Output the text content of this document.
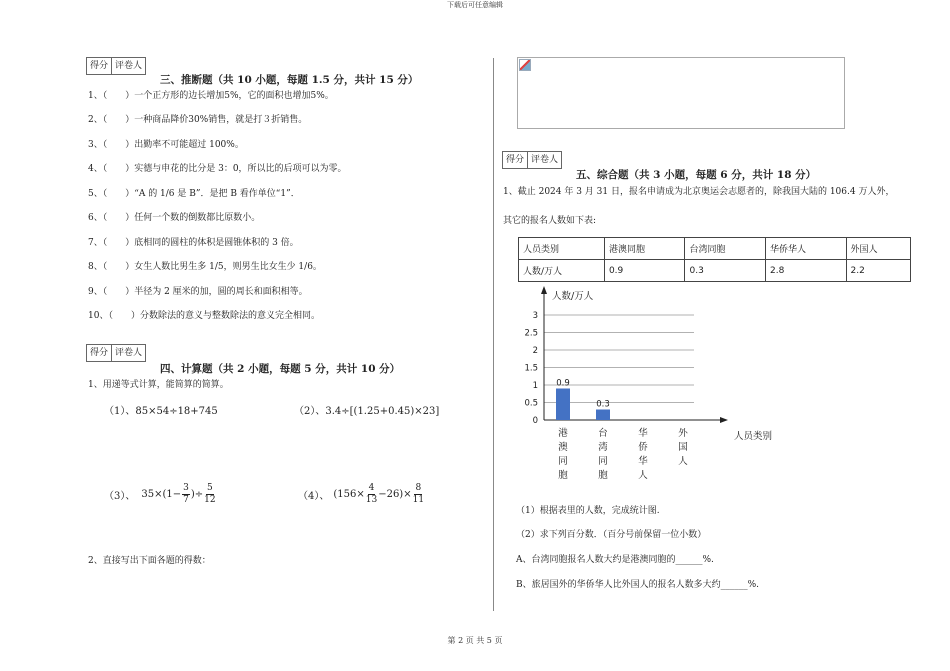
下载后可任意编辑
得分 评卷人
三、推断题（共 10 小题，每题 1.5 分，共计 15 分）
1、（　　）一个正方形的边长增加5%，它的面积也增加5%。
2、（　　）一种商品降价30%销售，就是打３折销售。
3、（　　）出勤率不可能超过 100%。
4、（　　）实德与申花的比分是 3：0，所以比的后项可以为零。
5、（　　）“A 的 1/6 是 B”．是把 B 看作单位“1”．
6、（　　）任何一个数的倒数都比原数小。
7、（　　）底相同的圆柱的体积是圆锥体积的 3 倍。
8、（　　）女生人数比男生多 1/5，则男生比女生少 1/6。
9、（　　）半径为 2 厘米的加，圆的周长和面积相等。
10、（　　）分数除法的意义与整数除法的意义完全相同。
得分 评卷人
四、计算题（共 2 小题，每题 5 分，共计 10 分）
1、用递等式计算，能简算的简算。
（1）、85×54÷18+745	（2）、3.4÷[(1.25+0.45)×23]
（3）、 $35\times(1- \frac{3}{7}$ )÷ $\frac{5}{12}$	（4）、 $(156\times \frac{4}{13} -26)\times \frac{8}{11}$
2、直接写出下面各题的得数：
得分 评卷人
五、综合题（共 3 小题，每题 6 分，共计 18 分）
1、截止 2024 年 3 月 31 日，报名申请成为北京奥运会志愿者的，除我国大陆的 106.4 万人外，
其它的报名人数如下表:
人员类别	港澳同胞	台湾同胞	华侨华人	外国人
人数/万人	0.9	0.3	2.8	2.2
0
0.5
1
1.5
2
2.5
3
人数/万人
人员类别
0.9
港澳同胞
0.3
台湾同胞
华侨华人
外国人
（1）根据表里的人数，完成统计图.
（2）求下列百分数．（百分号前保留一位小数）
A、台湾同胞报名人数大约是港澳同胞的______%.
B、旅居国外的华侨华人比外国人的报名人数多大约______%.
第 2 页 共 5 页
